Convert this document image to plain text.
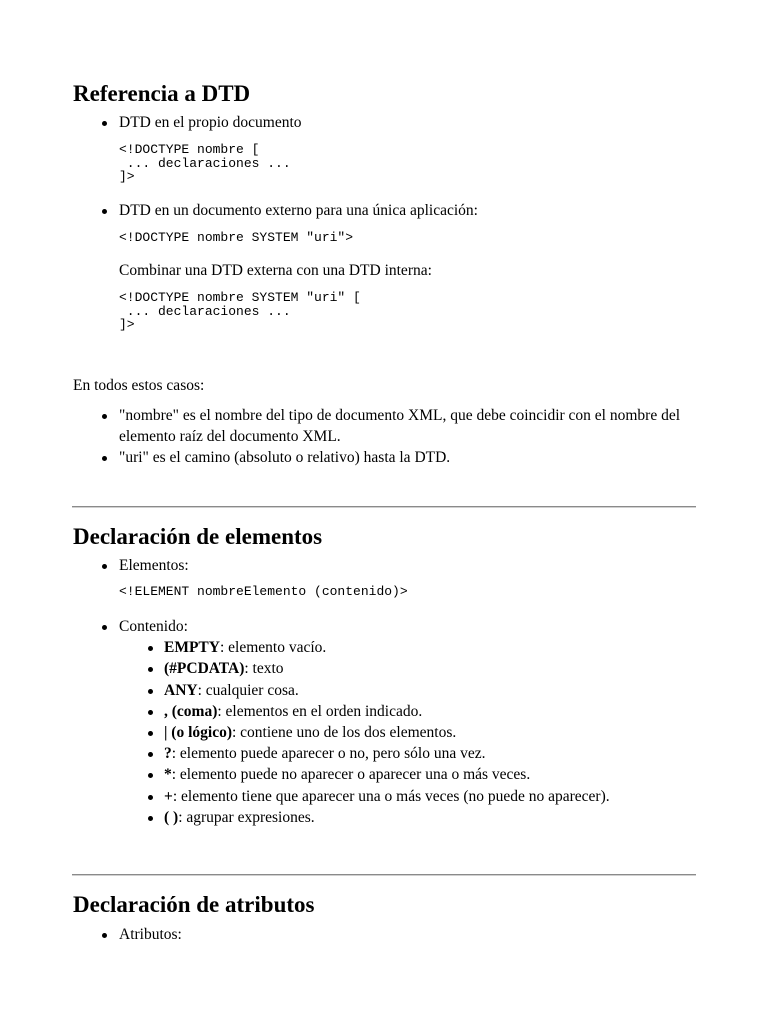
Referencia a DTD

DTD en el propio documento

<!DOCTYPE nombre [
... declaraciones ...
]>

DTD en un documento externo para una única aplicación:

<!DOCTYPE nombre SYSTEM "uri">

Combinar una DTD externa con una DTD interna:

<!DOCTYPE nombre SYSTEM "uri" [
... declaraciones ...
]>

En todos estos casos:

"nombre" es el nombre del tipo de documento XML, que debe coincidir con el nombre del elemento raíz del documento XML.

"uri" es el camino (absoluto o relativo) hasta la DTD.

Declaración de elementos

Elementos:

<!ELEMENT nombreElemento (contenido)>

Contenido:

EMPTY: elemento vacío.

(#PCDATA): texto

ANY: cualquier cosa.

, (coma): elementos en el orden indicado.

| (o lógico): contiene uno de los dos elementos.

?: elemento puede aparecer o no, pero sólo una vez.

*: elemento puede no aparecer o aparecer una o más veces.

+: elemento tiene que aparecer una o más veces (no puede no aparecer).

( ): agrupar expresiones.

Declaración de atributos

Atributos:
